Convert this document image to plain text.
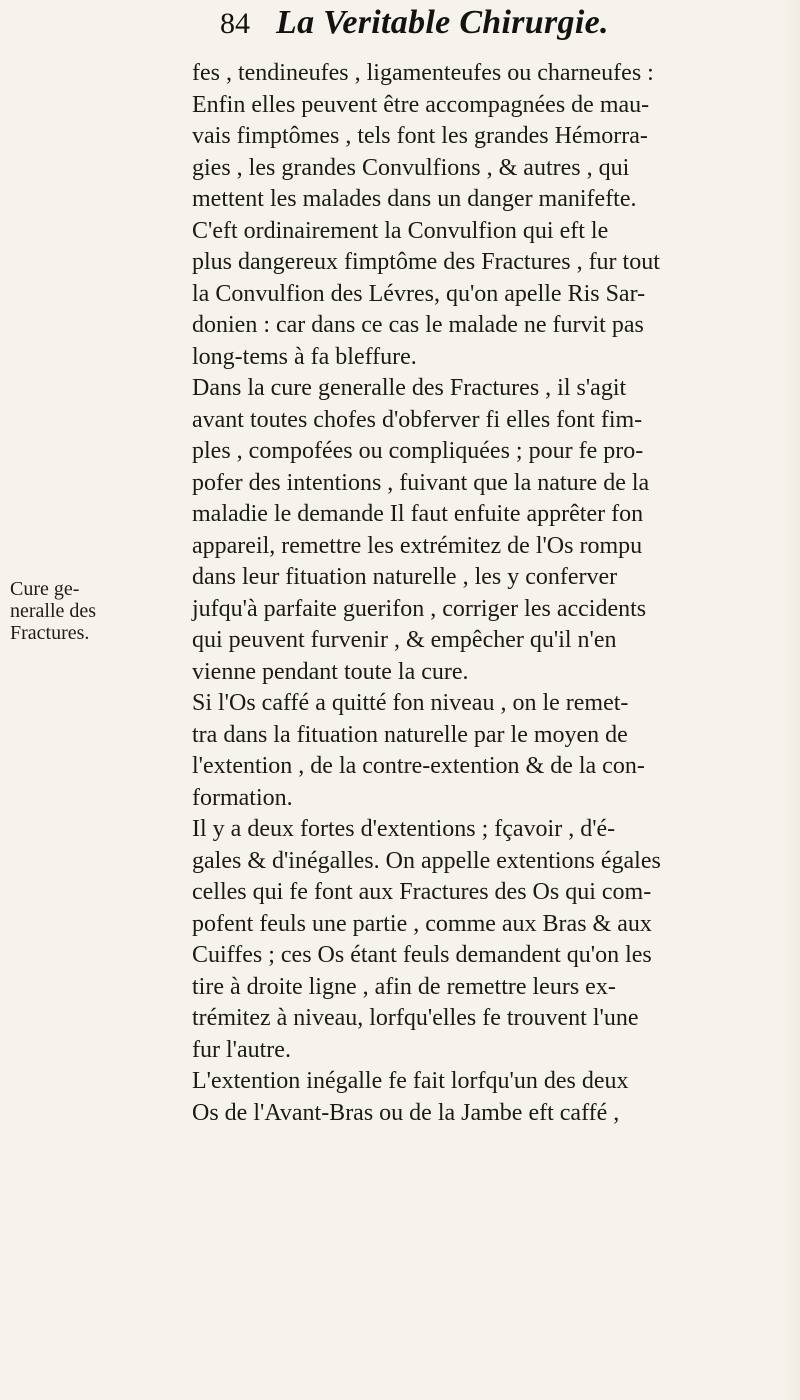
84 La Veritable Chirurgie.
Cure ge-
neralle des
Fractures.
fes , tendineufes , ligamenteufes ou charneufes :
Enfin elles peuvent être accompagnées de mau-
vais fimptômes , tels font les grandes Hémorra-
gies , les grandes Convulfions , & autres , qui
mettent les malades dans un danger manifefte.
C'eft ordinairement la Convulfion qui eft le
plus dangereux fimptôme des Fractures , fur tout
la Convulfion des Lévres, qu'on apelle Ris Sar-
donien : car dans ce cas le malade ne furvit pas
long-tems à fa bleffure.
Dans la cure generalle des Fractures , il s'agit
avant toutes chofes d'obferver fi elles font fim-
ples , compofées ou compliquées ; pour fe pro-
pofer des intentions , fuivant que la nature de la
maladie le demande Il faut enfuite apprêter fon
appareil, remettre les extrémitez de l'Os rompu
dans leur fituation naturelle , les y conferver
jufqu'à parfaite guerifon , corriger les accidents
qui peuvent furvenir , & empêcher qu'il n'en
vienne pendant toute la cure.
Si l'Os caffé a quitté fon niveau , on le remet-
tra dans la fituation naturelle par le moyen de
l'extention , de la contre-extention & de la con-
formation.
Il y a deux fortes d'extentions ; fçavoir , d'é-
gales & d'inégalles. On appelle extentions égales
celles qui fe font aux Fractures des Os qui com-
pofent feuls une partie , comme aux Bras & aux
Cuiffes ; ces Os étant feuls demandent qu'on les
tire à droite ligne , afin de remettre leurs ex-
trémitez à niveau, lorfqu'elles fe trouvent l'une
fur l'autre.
L'extention inégalle fe fait lorfqu'un des deux
Os de l'Avant-Bras ou de la Jambe eft caffé ,
